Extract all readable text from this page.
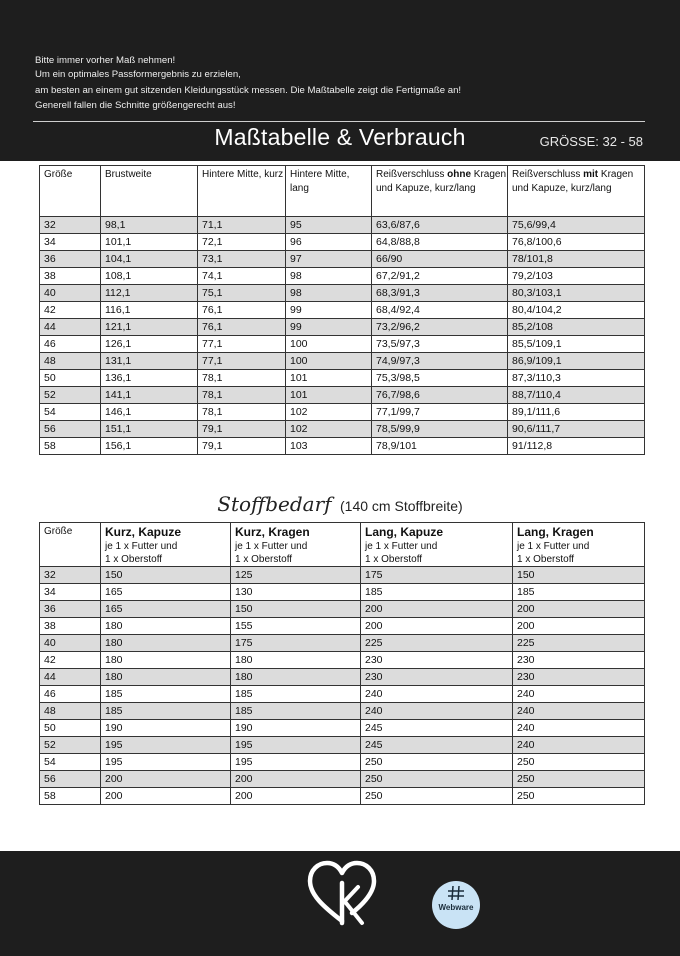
Bitte immer vorher Maß nehmen!
Um ein optimales Passformergebnis zu erzielen,
am besten an einem gut sitzenden Kleidungsstück messen. Die Maßtabelle zeigt die Fertigmaße an!
Generell fallen die Schnitte größengerecht aus!
Maßtabelle & Verbrauch	GRÖSSE: 32 - 58
Größe	Brustweite	Hintere Mitte, kurz	Hintere Mitte, lang	Reißverschluss ohne Kragen und Kapuze, kurz/lang	Reißverschluss mit Kragen und Kapuze, kurz/lang
32	98,1	71,1	95	63,6/87,6	75,6/99,4
34	101,1	72,1	96	64,8/88,8	76,8/100,6
36	104,1	73,1	97	66/90	78/101,8
38	108,1	74,1	98	67,2/91,2	79,2/103
40	112,1	75,1	98	68,3/91,3	80,3/103,1
42	116,1	76,1	99	68,4/92,4	80,4/104,2
44	121,1	76,1	99	73,2/96,2	85,2/108
46	126,1	77,1	100	73,5/97,3	85,5/109,1
48	131,1	77,1	100	74,9/97,3	86,9/109,1
50	136,1	78,1	101	75,3/98,5	87,3/110,3
52	141,1	78,1	101	76,7/98,6	88,7/110,4
54	146,1	78,1	102	77,1/99,7	89,1/111,6
56	151,1	79,1	102	78,5/99,9	90,6/111,7
58	156,1	79,1	103	78,9/101	91/112,8
Stoffbedarf (140 cm Stoffbreite)
Größe	Kurz, Kapuze
je 1 x Futter und
1 x Oberstoff	Kurz, Kragen
je 1 x Futter und
1 x Oberstoff	Lang, Kapuze
je 1 x Futter und
1 x Oberstoff	Lang, Kragen
je 1 x Futter und
1 x Oberstoff

32	150	125	175	150
34	165	130	185	185
36	165	150	200	200
38	180	155	200	200
40	180	175	225	225
42	180	180	230	230
44	180	180	230	230
46	185	185	240	240
48	185	185	240	240
50	190	190	245	240
52	195	195	245	240
54	195	195	250	250
56	200	200	250	250
58	200	200	250	250
Webware
